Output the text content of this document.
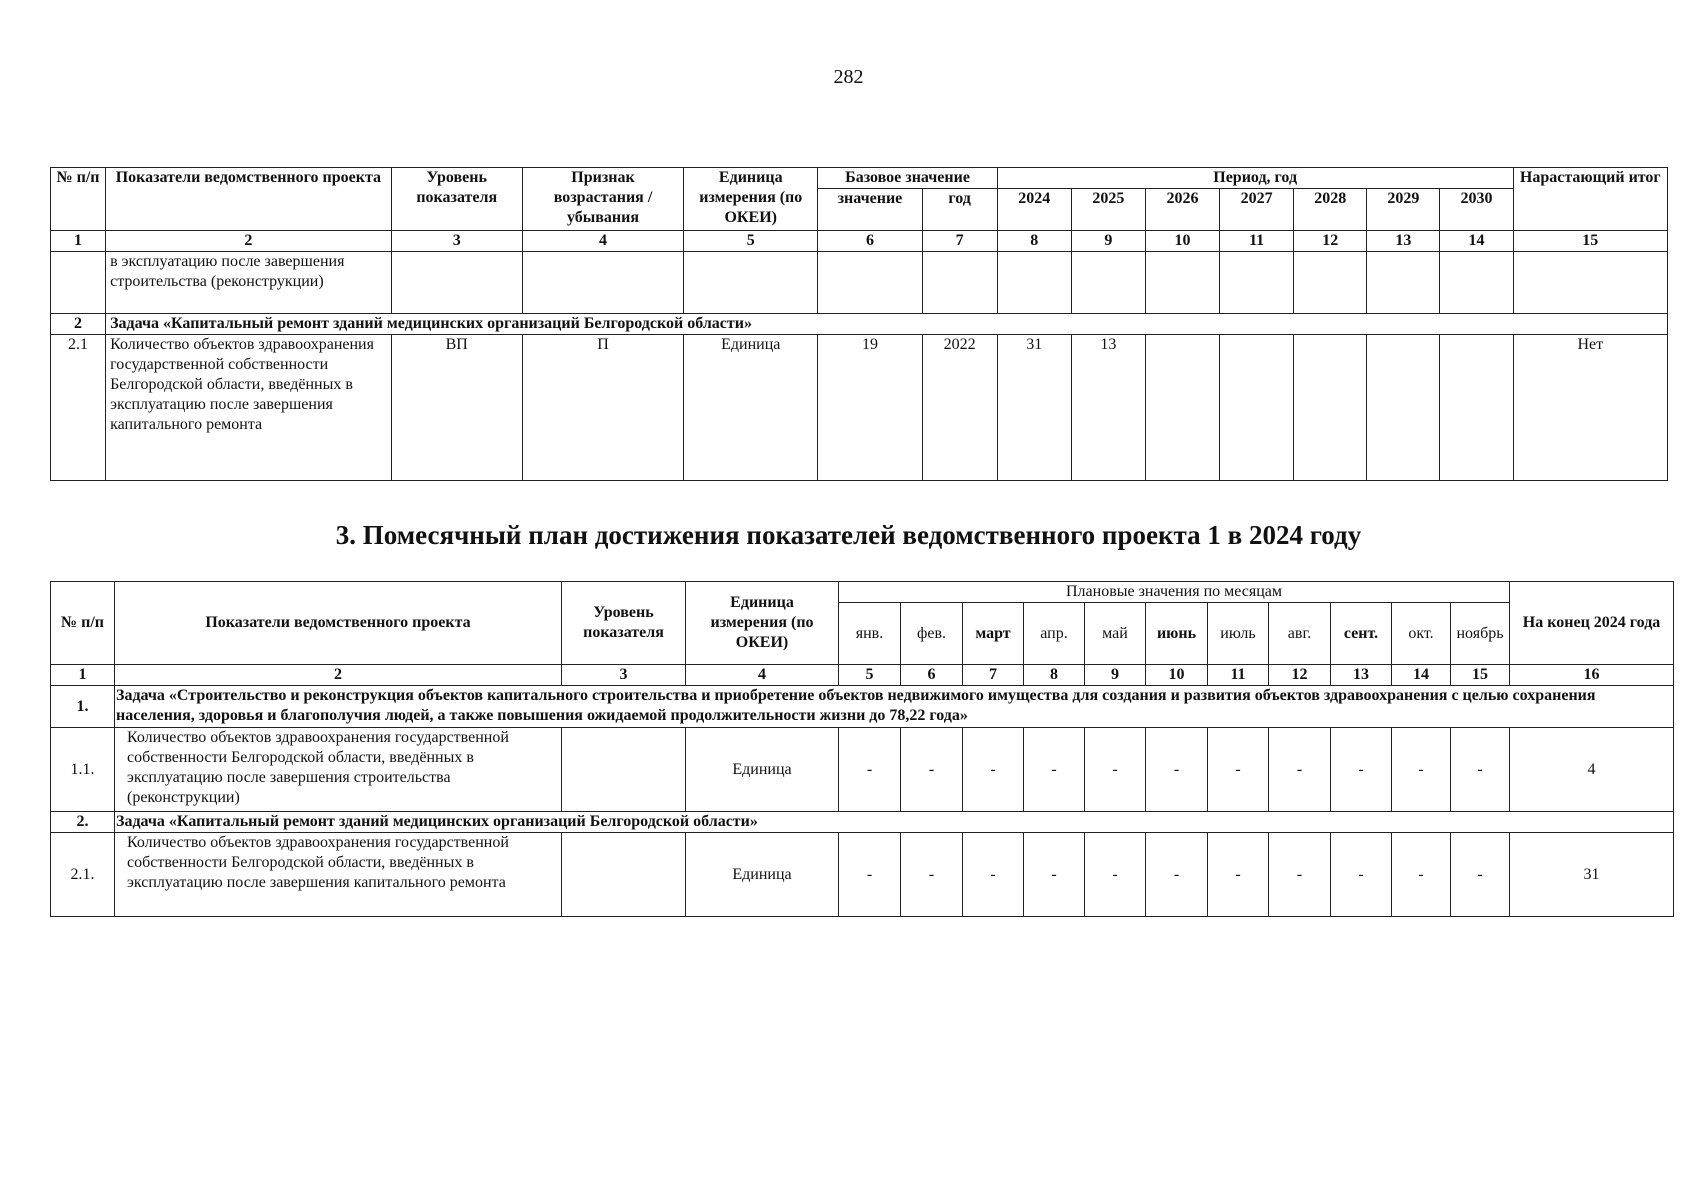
282
№ п/п	Показатели ведомственного проекта	Уровень показателя	Признак возрастания / убывания	Единица измерения (по ОКЕИ)	Базовое значение		Период, год							Нарастающий итог
					значение	год	2024	2025	2026	2027	2028	2029	2030	
1	2	3	4	5	6	7	8	9	10	11	12	13	14	15
	в эксплуатацию после завершения строительства (реконструкции)													
2	Задача «Капитальный ремонт зданий медицинских организаций Белгородской области»													
2.1	Количество объектов здравоохранения государственной собственности Белгородской области, введённых в эксплуатацию после завершения капитального ремонта	ВП	П	Единица	19	2022	31	13						Нет
3. Помесячный план достижения показателей ведомственного проекта 1 в 2024 году
№ п/п	Показатели ведомственного проекта	Уровень показателя	Единица измерения (по ОКЕИ)	Плановые значения по месяцам											На конец 2024 года
				янв.	фев.	март	апр.	май	июнь	июль	авг.	сент.	окт.	ноябрь	
1	2	3	4	5	6	7	8	9	10	11	12	13	14	15	16
1.	Задача «Строительство и реконструкция объектов капитального строительства и приобретение объектов недвижимого имущества для создания и развития объектов здравоохранения с целью сохранения населения, здоровья и благополучия людей, а также повышения ожидаемой продолжительности жизни до 78,22 года»														
1.1.	Количество объектов здравоохранения государственной собственности Белгородской области, введённых в эксплуатацию после завершения строительства (реконструкции)		Единица	-	-	-	-	-	-	-	-	-	-	-	4
2.	Задача «Капитальный ремонт зданий медицинских организаций Белгородской области»														
2.1.	Количество объектов здравоохранения государственной собственности Белгородской области, введённых в эксплуатацию после завершения капитального ремонта		Единица	-	-	-	-	-	-	-	-	-	-	-	31
